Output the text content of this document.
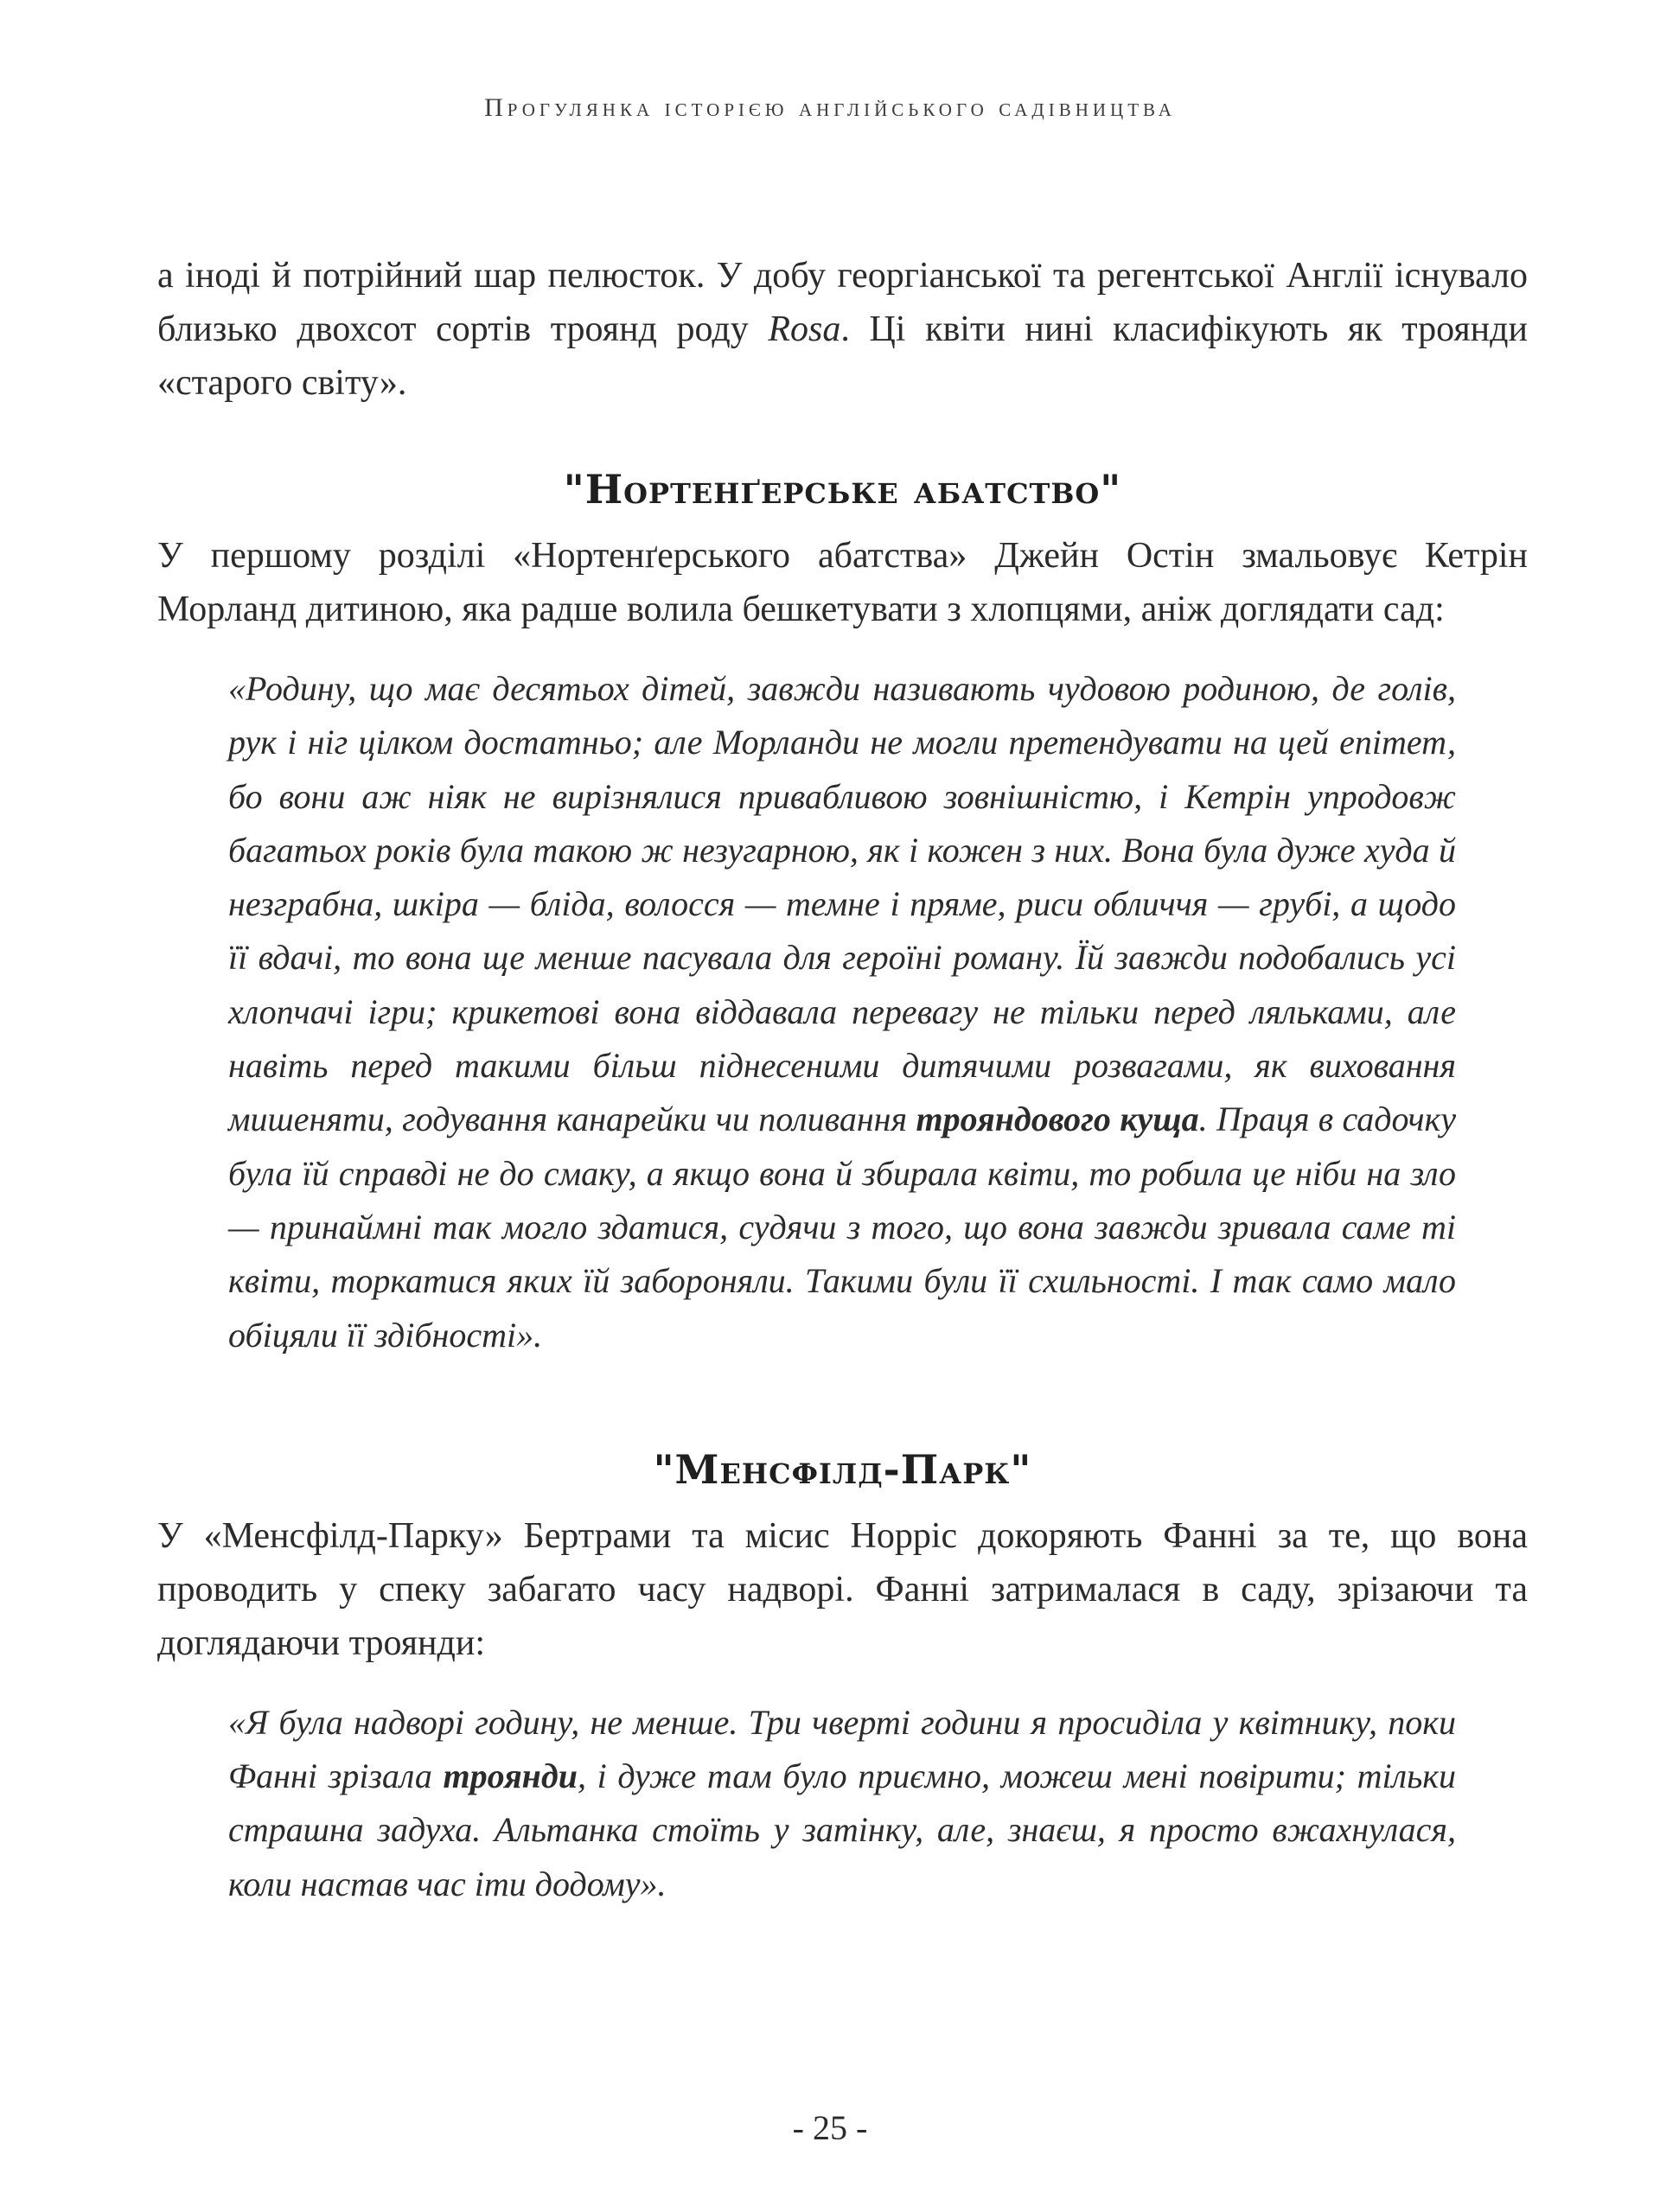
Прогулянка історією англійського садівництва

а іноді й потрійний шар пелюсток. У добу георгіанської та регентської Англії існувало близько двохсот сортів троянд роду Rosa. Ці квіти нині класифікують як троянди «старого світу».

"Нортенґерське абатство"

У першому розділі «Нортенґерського абатства» Джейн Остін змальовує Кетрін Морланд дитиною, яка радше волила бешкетувати з хлопцями, аніж доглядати сад:

«Родину, що має десятьох дітей, завжди називають чудовою родиною, де голів, рук і ніг цілком достатньо; але Морланди не могли претендувати на цей епітет, бо вони аж ніяк не вирізнялися привабливою зовнішністю, і Кетрін упродовж багатьох років була такою ж незугарною, як і кожен з них. Вона була дуже худа й незграбна, шкіра — бліда, волосся — темне і пряме, риси обличчя — грубі, а щодо її вдачі, то вона ще менше пасувала для героїні роману. Їй завжди подобались усі хлопчачі ігри; крикетові вона віддавала перевагу не тільки перед ляльками, але навіть перед такими більш піднесеними дитячими розвагами, як виховання мишеняти, годування канарейки чи поливання трояндового куща. Праця в садочку була їй справді не до смаку, а якщо вона й збирала квіти, то робила це ніби на зло — принаймні так могло здатися, судячи з того, що вона завжди зривала саме ті квіти, торкатися яких їй забороняли. Такими були її схильності. І так само мало обіцяли її здібності».

"Менсфілд-Парк"

У «Менсфілд-Парку» Бертрами та місис Норріс докоряють Фанні за те, що вона проводить у спеку забагато часу надворі. Фанні затрималася в саду, зрізаючи та доглядаючи троянди:

«Я була надворі годину, не менше. Три чверті години я просиділа у квітнику, поки Фанні зрізала троянди, і дуже там було приємно, можеш мені повірити; тільки страшна задуха. Альтанка стоїть у затінку, але, знаєш, я просто вжахнулася, коли настав час іти додому».

- 25 -
